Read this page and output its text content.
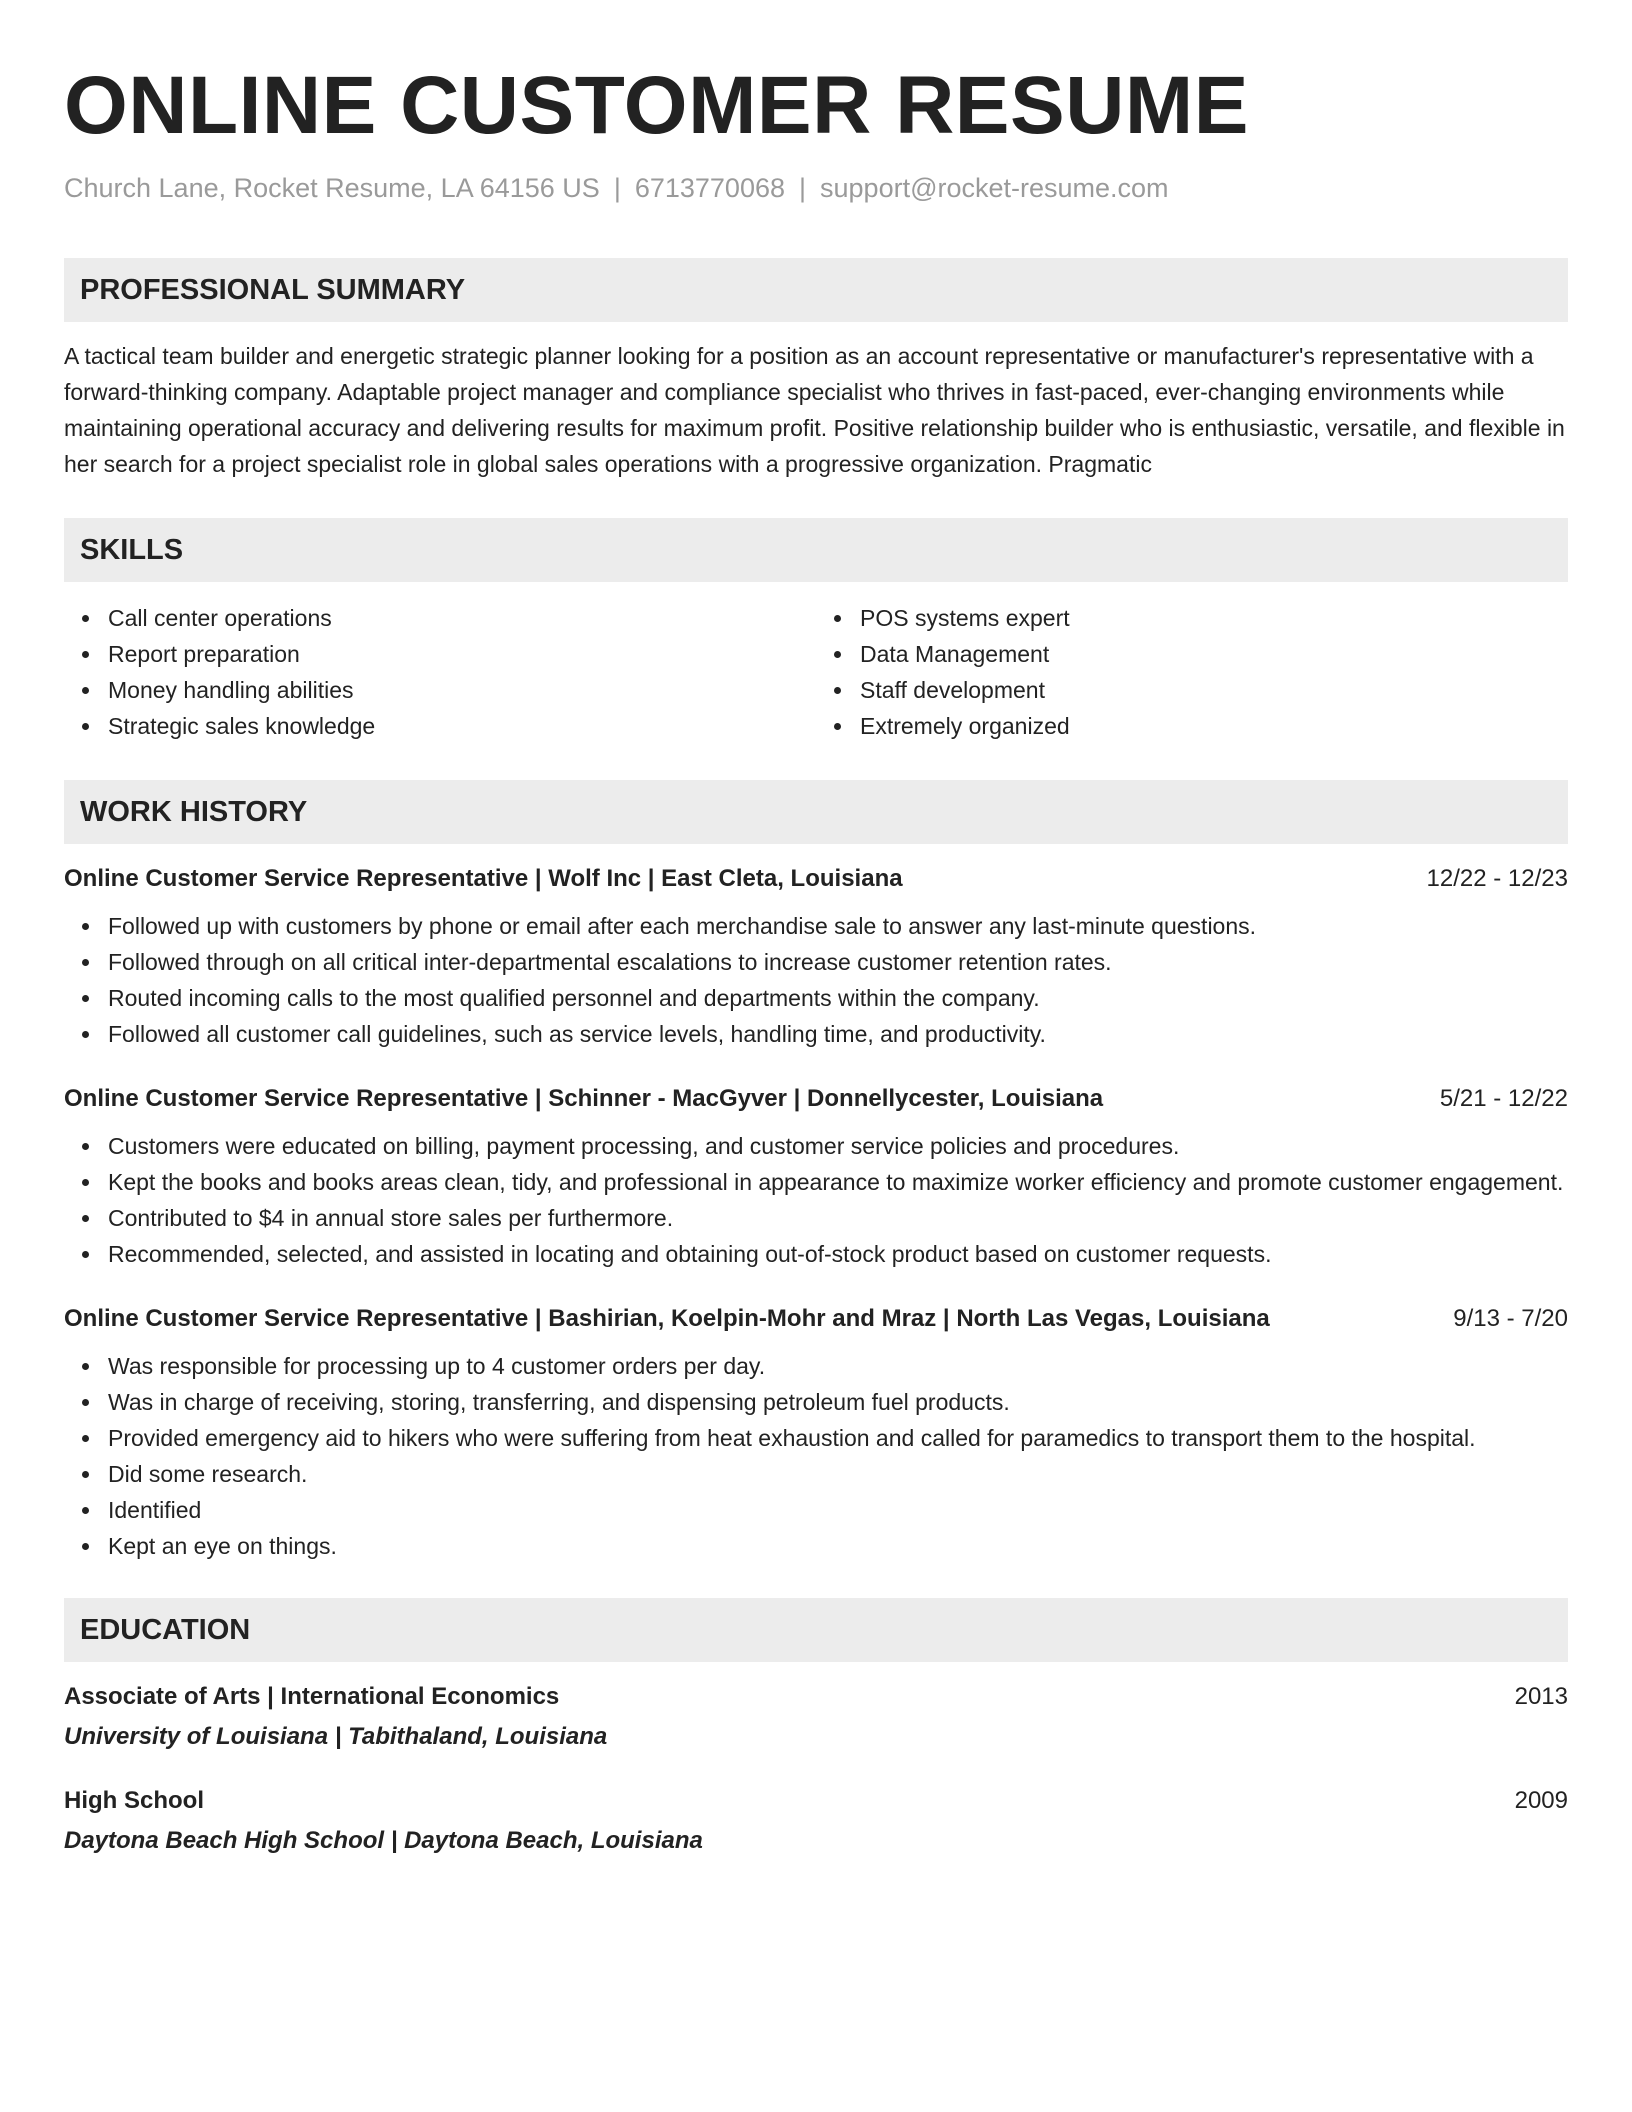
ONLINE CUSTOMER RESUME
Church Lane, Rocket Resume, LA 64156 US | 6713770068 | support@rocket-resume.com
PROFESSIONAL SUMMARY

A tactical team builder and energetic strategic planner looking for a position as an account representative or manufacturer's representative with a forward-thinking company. Adaptable project manager and compliance specialist who thrives in fast-paced, ever-changing environments while maintaining operational accuracy and delivering results for maximum profit. Positive relationship builder who is enthusiastic, versatile, and flexible in her search for a project specialist role in global sales operations with a progressive organization. Pragmatic

SKILLS
Call center operations
Report preparation
Money handling abilities
Strategic sales knowledge
POS systems expert
Data Management
Staff development
Extremely organized
WORK HISTORY
Online Customer Service Representative | Wolf Inc | East Cleta, Louisiana	12/22 - 12/23
Followed up with customers by phone or email after each merchandise sale to answer any last-minute questions.
Followed through on all critical inter-departmental escalations to increase customer retention rates.
Routed incoming calls to the most qualified personnel and departments within the company.
Followed all customer call guidelines, such as service levels, handling time, and productivity.
Online Customer Service Representative | Schinner - MacGyver | Donnellycester, Louisiana	5/21 - 12/22
Customers were educated on billing, payment processing, and customer service policies and procedures.
Kept the books and books areas clean, tidy, and professional in appearance to maximize worker efficiency and promote customer engagement.
Contributed to $4 in annual store sales per furthermore.
Recommended, selected, and assisted in locating and obtaining out-of-stock product based on customer requests.
Online Customer Service Representative | Bashirian, Koelpin-Mohr and Mraz | North Las Vegas, Louisiana	9/13 - 7/20
Was responsible for processing up to 4 customer orders per day.
Was in charge of receiving, storing, transferring, and dispensing petroleum fuel products.
Provided emergency aid to hikers who were suffering from heat exhaustion and called for paramedics to transport them to the hospital.
Did some research.
Identified
Kept an eye on things.
EDUCATION
Associate of Arts | International Economics	2013
University of Louisiana | Tabithaland, Louisiana
High School	2009
Daytona Beach High School | Daytona Beach, Louisiana
